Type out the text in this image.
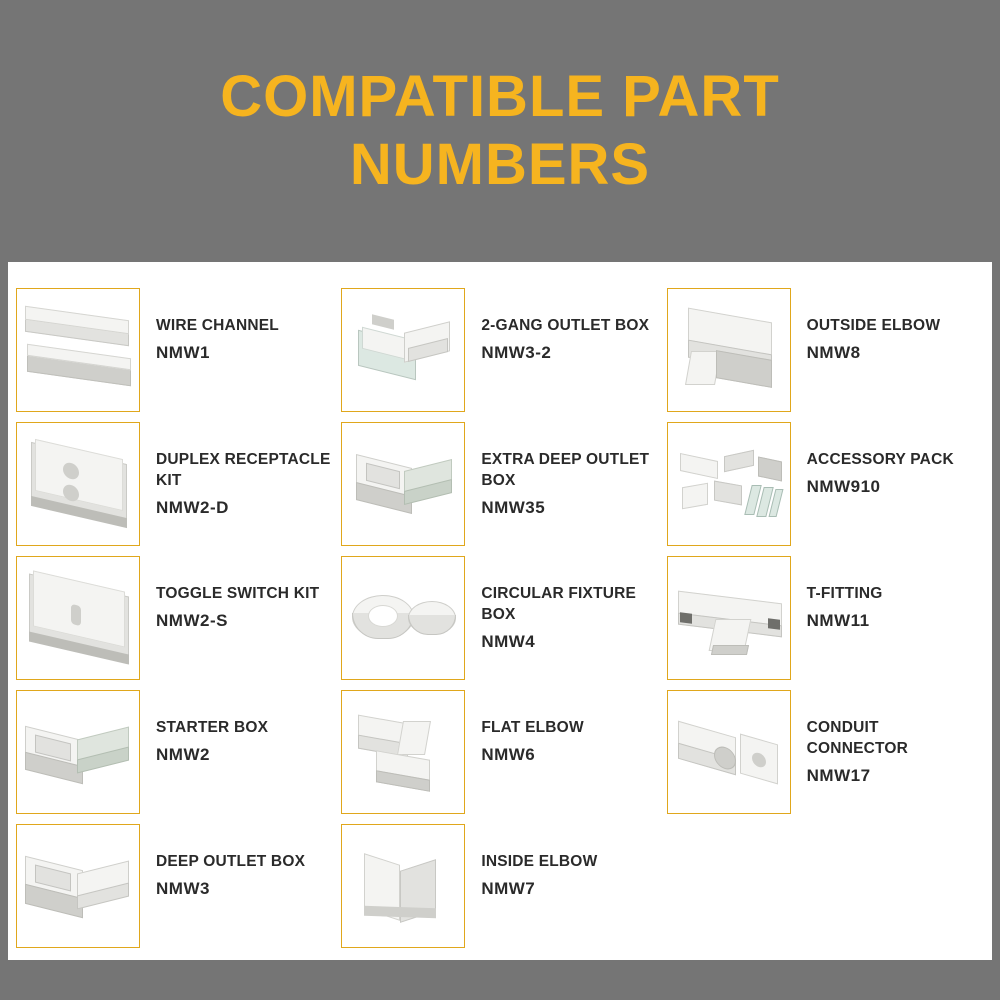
COMPATIBLE PART
NUMBERS
WIRE CHANNEL
NMW1
2-GANG OUTLET BOX
NMW3-2
OUTSIDE ELBOW
NMW8
DUPLEX RECEPTACLE KIT
NMW2-D
EXTRA DEEP OUTLET BOX
NMW35
ACCESSORY PACK
NMW910
TOGGLE SWITCH KIT
NMW2-S
CIRCULAR FIXTURE BOX
NMW4
T-FITTING
NMW11
STARTER BOX
NMW2
FLAT ELBOW
NMW6
CONDUIT CONNECTOR
NMW17
DEEP OUTLET BOX
NMW3
INSIDE ELBOW
NMW7
